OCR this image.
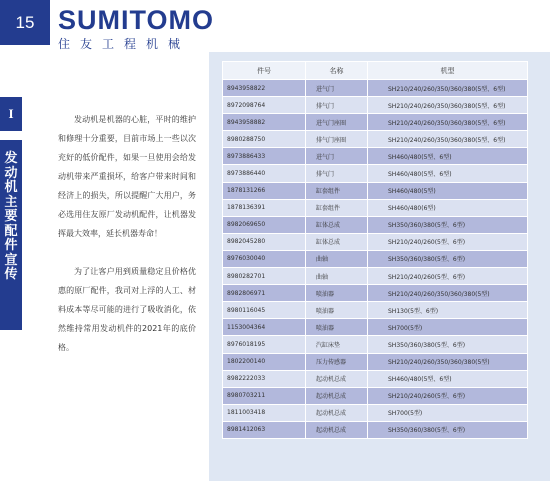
15 SUMITOMO
住友工程机械
I
发
动
机
主
要
配
件
宣
传

发动机是机器的心脏，平时的维护和修理十分重要，目前市场上一些以次充好的低价配件，如果一旦使用会给发动机带来严重损坏，给客户带来时间和经济上的损失，所以提醒广大用户，务必选用住友原厂发动机配件，让机器发挥最大效率，延长机器寿命！

为了让客户用到质量稳定且价格优惠的原厂配件，我司对上浮的人工、材料成本等尽可能的进行了吸收消化，依然维持常用发动机件的2021年的底价格。

件号	名称	机型
8943958822	进气门	SH210/240/260/350/360/380(5型、6型)
8972098764	排气门	SH210/240/260/350/360/380(5型、6型)
8943958882	进气门座圈	SH210/240/260/350/360/380(5型、6型)
8980288750	排气门座圈	SH210/240/260/350/360/380(5型、6型)
8973886433	进气门	SH460/480(5型、6型)
8973886440	排气门	SH460/480(5型、6型)
1878131266	缸套组件	SH460/480(5型)
1878136391	缸套组件	SH460/480(6型)
8982069650	缸体总成	SH350/360/380(5型、6型)
8982045280	缸体总成	SH210/240/260(5型、6型)
8976030040	曲轴	SH350/360/380(5型、6型)
8980282701	曲轴	SH210/240/260(5型、6型)
8982806971	喷油器	SH210/240/260/350/360/380(5型)
8980116045	喷油器	SH130(5型、6型)
1153004364	喷油器	SH700(5型)
8976018195	汽缸床垫	SH350/360/380(5型、6型)
1802200140	压力传感器	SH210/240/260/350/360/380(5型)
8982222033	起动机总成	SH460/480(5型、6型)
8980703211	起动机总成	SH210/240/260(5型、6型)
1811003418	起动机总成	SH700(5型)
8981412063	起动机总成	SH350/360/380(5型、6型)
